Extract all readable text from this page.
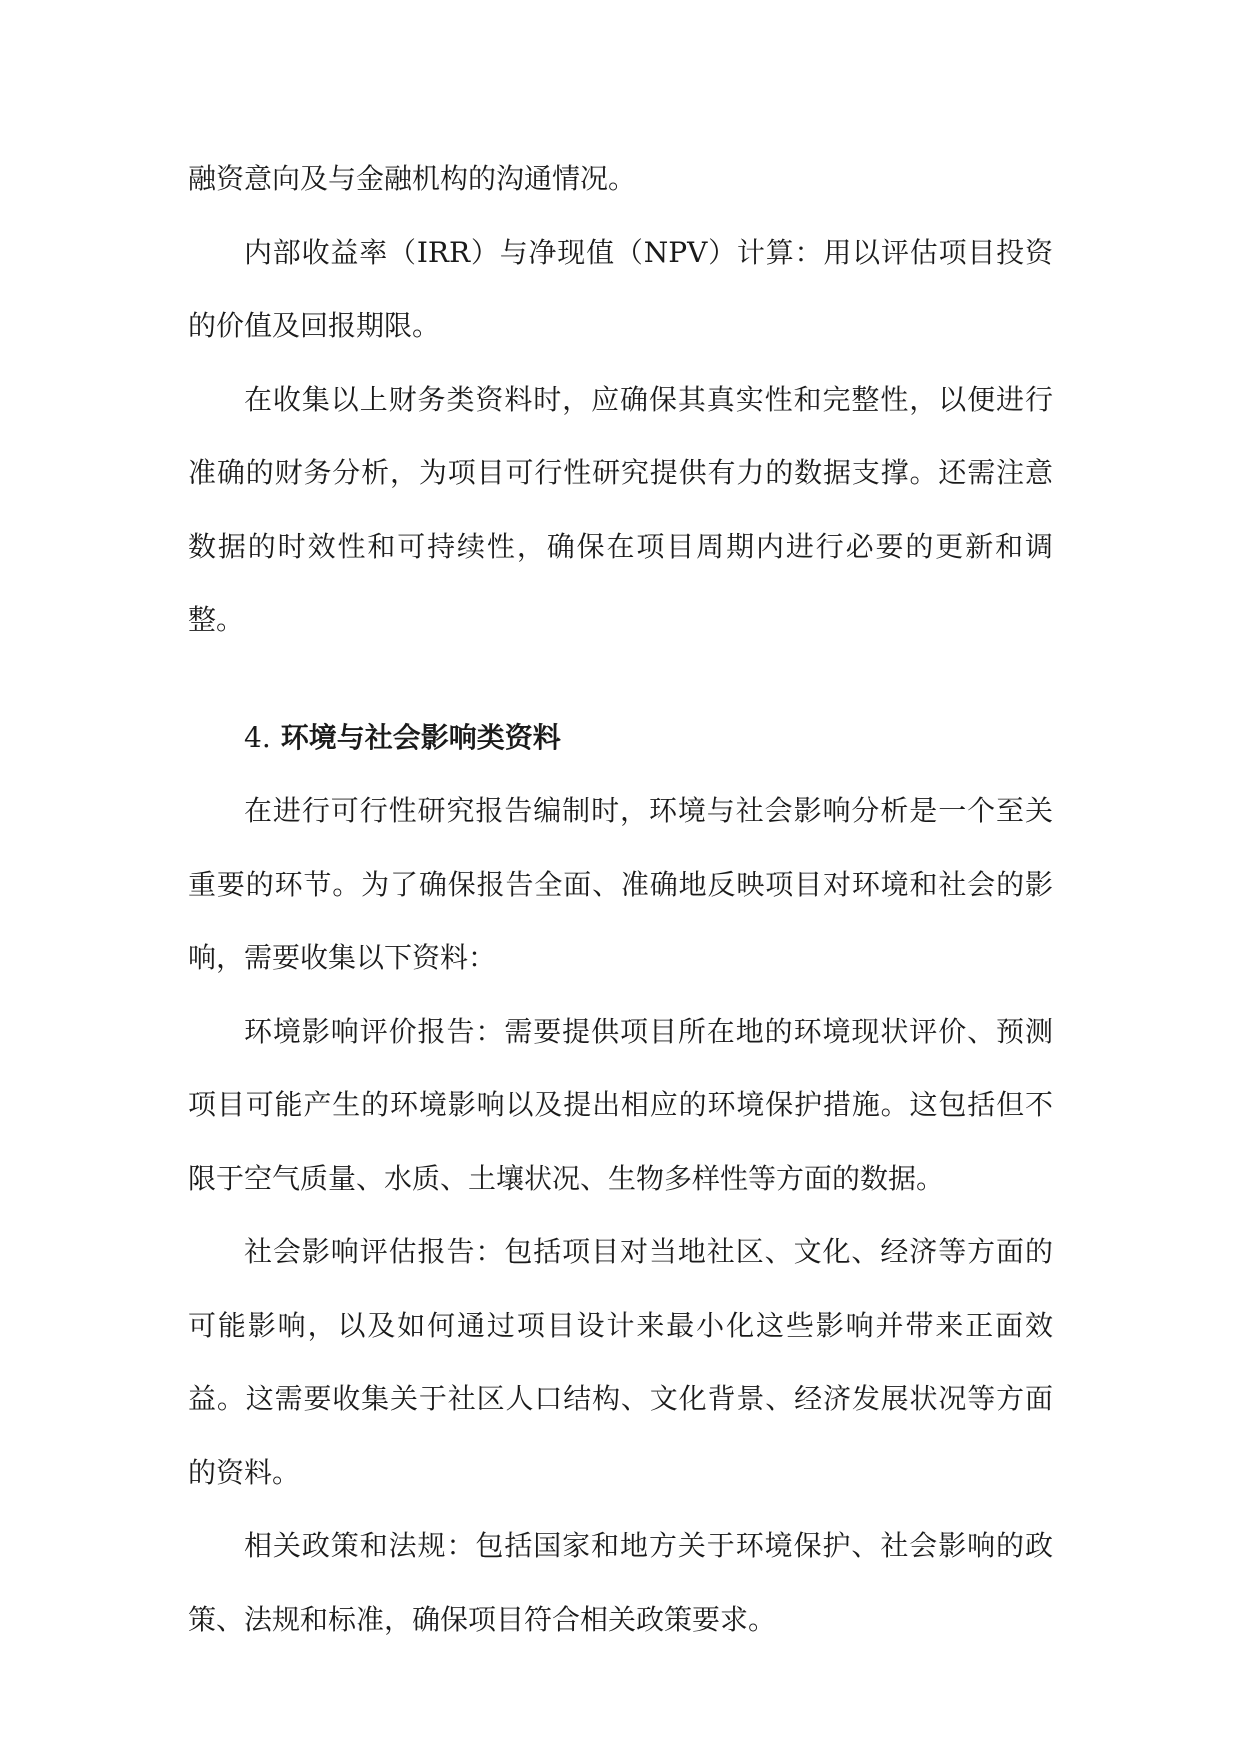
融资意向及与金融机构的沟通情况。

内部收益率（IRR）与净现值（NPV）计算：用以评估项目投资的价值及回报期限。

在收集以上财务类资料时，应确保其真实性和完整性，以便进行准确的财务分析，为项目可行性研究提供有力的数据支撑。还需注意数据的时效性和可持续性，确保在项目周期内进行必要的更新和调整。

4. 环境与社会影响类资料

在进行可行性研究报告编制时，环境与社会影响分析是一个至关重要的环节。为了确保报告全面、准确地反映项目对环境和社会的影响，需要收集以下资料：

环境影响评价报告：需要提供项目所在地的环境现状评价、预测项目可能产生的环境影响以及提出相应的环境保护措施。这包括但不限于空气质量、水质、土壤状况、生物多样性等方面的数据。

社会影响评估报告：包括项目对当地社区、文化、经济等方面的可能影响，以及如何通过项目设计来最小化这些影响并带来正面效益。这需要收集关于社区人口结构、文化背景、经济发展状况等方面的资料。

相关政策和法规：包括国家和地方关于环境保护、社会影响的政策、法规和标准，确保项目符合相关政策要求。
